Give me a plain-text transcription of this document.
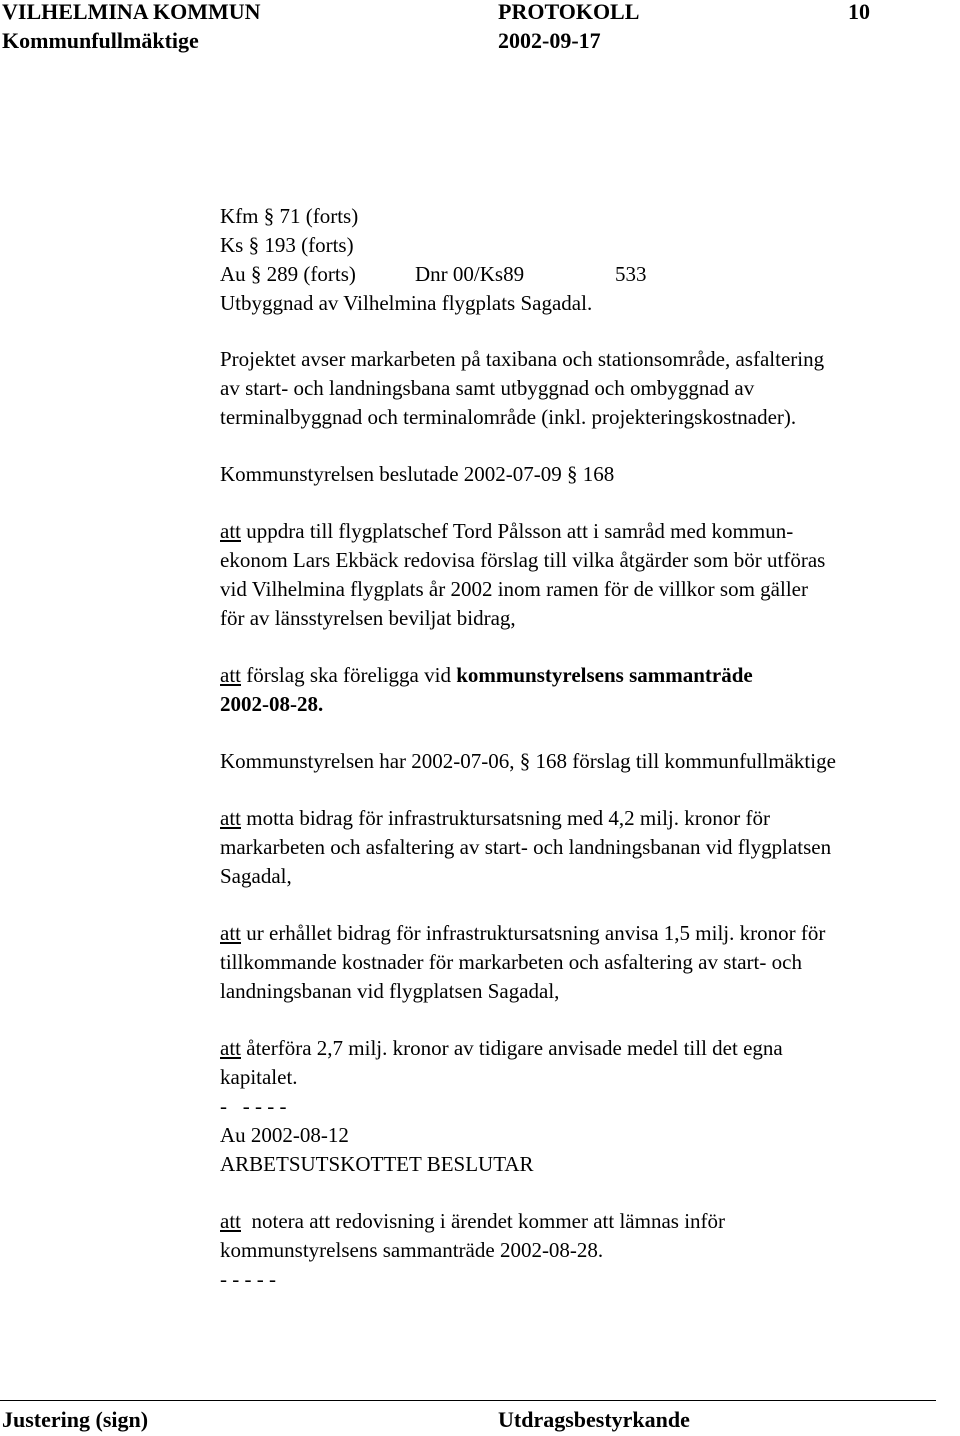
VILHELMINA KOMMUN	PROTOKOLL	10
Kommunfullmäktige	2002-09-17
Kfm § 71 (forts)
Ks § 193 (forts)
Au § 289 (forts)	Dnr 00/Ks89	533
Utbyggnad av Vilhelmina flygplats Sagadal.
Projektet avser markarbeten på taxibana och stationsområde, asfaltering
av start- och landningsbana samt utbyggnad och ombyggnad av
terminalbyggnad och terminalområde (inkl. projekteringskostnader).
Kommunstyrelsen beslutade 2002-07-09 § 168
att uppdra till flygplatschef Tord Pålsson att i samråd med kommun-
ekonom Lars Ekbäck redovisa förslag till vilka åtgärder som bör utföras
vid Vilhelmina flygplats år 2002 inom ramen för de villkor som gäller
för av länsstyrelsen beviljat bidrag,
att förslag ska föreligga vid kommunstyrelsens sammanträde
2002-08-28.
Kommunstyrelsen har 2002-07-06, § 168 förslag till kommunfullmäktige
att motta bidrag för infrastruktursatsning med 4,2 milj. kronor för
markarbeten och asfaltering av start- och landningsbanan vid flygplatsen
Sagadal,
att ur erhållet bidrag för infrastruktursatsning anvisa 1,5 milj. kronor för
tillkommande kostnader för markarbeten och asfaltering av start- och
landningsbanan vid flygplatsen Sagadal,
att återföra 2,7 milj. kronor av tidigare anvisade medel till det egna
kapitalet.
-   - - - -
Au 2002-08-12
ARBETSUTSKOTTET BESLUTAR
att  notera att redovisning i ärendet kommer att lämnas inför
kommunstyrelsens sammanträde 2002-08-28.
- - - - -
Justering (sign)	Utdragsbestyrkande
